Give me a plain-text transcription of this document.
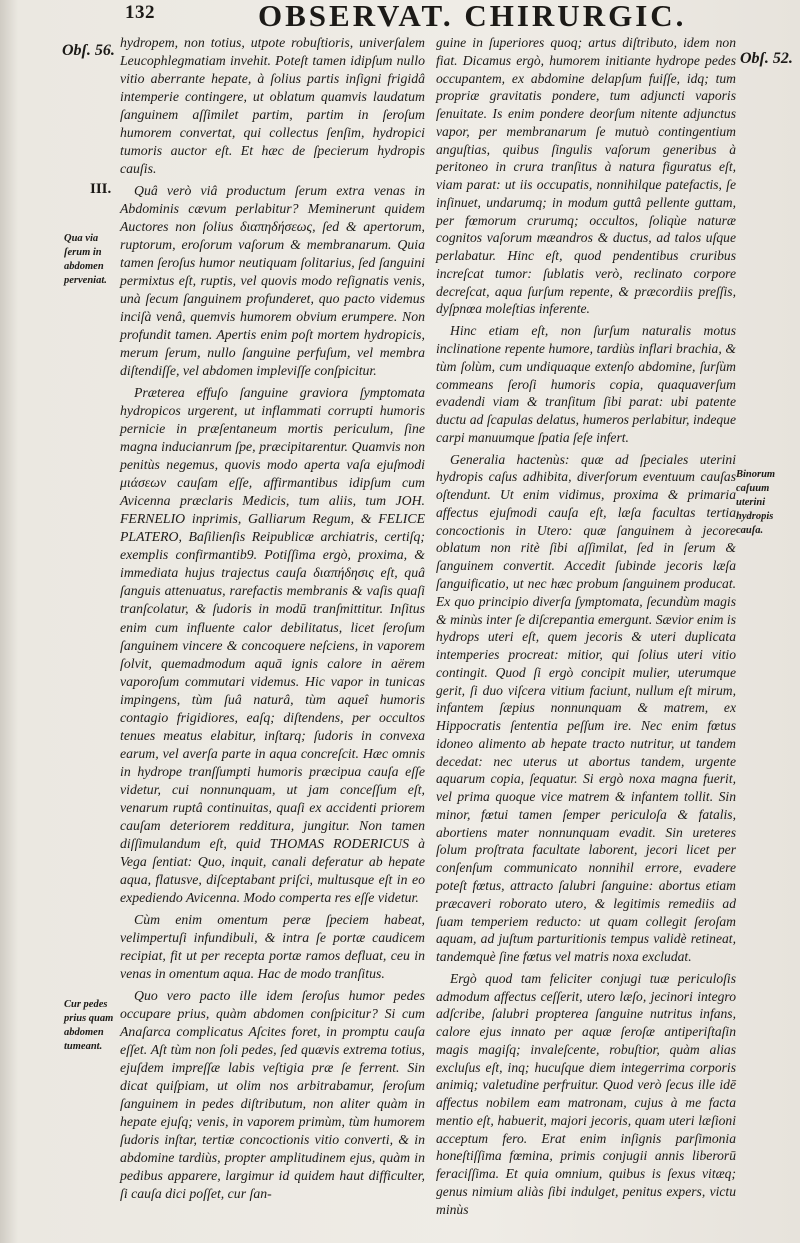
132	OBSERVAT. CHIRURGIC.
Obſ. 56.
III.
Qua via ſerum in abdomen perveniat.
Cur pedes prius quam abdomen tumeant.

hydropem, non totius, utpote robuſtioris, univerſalem Leucophlegmatiam invehit. Poteſt tamen idipſum nullo vitio aberrante hepate, à ſolius partis inſigni frigidâ intemperie contingere, ut oblatum quamvis laudatum ſanguinem aſſimilet partim, partim in ſeroſum humorem convertat, qui collectus ſenſim, hydropici tumoris auctor eſt. Et hæc de ſpecierum hydropis cauſis.

Quâ verò viâ productum ſerum extra venas in Abdominis cævum perlabitur? Meminerunt quidem Auctores non ſolius διαπηδήσεως, ſed & apertorum, ruptorum, eroſorum vaſorum & membranarum. Quia tamen ſeroſus humor neutiquam ſolitarius, ſed ſanguini permixtus eſt, ruptis, vel quovis modo reſignatis venis, unà ſecum ſanguinem profunderet, quo pacto videmus inciſà venâ, quemvis humorem obvium erumpere. Non profundit tamen. Apertis enim poſt mortem hydropicis, merum ſerum, nullo ſanguine perfuſum, vel membra diſtendiſſe, vel abdomen impleviſſe conſpicitur.

Præterea effuſo ſanguine graviora ſymptomata hydropicos urgerent, ut inflammati corrupti humoris pernicie in præſentaneum mortis periculum, ſine magna inducianrum ſpe, præcipitarentur. Quamvis non penitùs negemus, quovis modo aperta vaſa ejuſmodi μιάσεων cauſam eſſe, affirmantibus idipſum cum Avicenna præclaris Medicis, tum aliis, tum JOH. FERNELIO inprimis, Galliarum Regum, & FELICE PLATERO, Baſilienſis Reipublicæ archiatris, certiſq; exemplis confirmantib9. Potiſſima ergò, proxima, & immediata hujus trajectus cauſa διαπήδησις eſt, quâ ſanguis attenuatus, rarefactis membranis & vaſis quaſi tranſcolatur, & ſudoris in modū tranſmittitur. Inſitus enim cum influente calor debilitatus, licet ſeroſum ſanguinem vincere & concoquere neſciens, in vaporem ſolvit, quemadmodum aquā ignis calore in aërem vaporoſum commutari videmus. Hic vapor in tunicas impingens, tùm ſuâ naturâ, tùm aqueî humoris contagio frigidiores, eaſq; diſtendens, per occultos tenues meatus elabitur, inſtarq; ſudoris in convexa earum, vel averſa parte in aqua concreſcit. Hæc omnis in hydrope tranſſumpti humoris præcipua cauſa eſſe videtur, cui nonnunquam, ut jam conceſſum eſt, venarum ruptâ continuitas, quaſi ex accidenti priorem cauſam deteriorem redditura, jungitur. Non tamen diſſimulandum eſt, quid THOMAS RODERICUS à Vega ſentiat: Quo, inquit, canali deferatur ab hepate aqua, flatusve, diſceptabant priſci, multusque eſt in eo expediendo Avicenna. Modo comperta res eſſe videtur.

Cùm enim omentum peræ ſpeciem habeat, velimpertuſi infundibuli, & intra ſe portæ caudicem recipiat, fit ut per recepta portæ ramos defluat, ceu in venas in omentum aqua. Hac de modo tranſitus.

Quo vero pacto ille idem ſeroſus humor pedes occupare prius, quàm abdomen conſpicitur? Si cum Anaſarca complicatus Aſcites foret, in promptu cauſa eſſet. Aſt tùm non ſoli pedes, ſed quævis extrema totius, ejuſdem impreſſæ labis veſtigia præ ſe ferrent. Sin dicat quiſpiam, ut olim nos arbitrabamur, ſeroſum ſanguinem in pedes diſtributum, non aliter quàm in hepate ejuſq; venis, in vaporem primùm, tùm humorem ſudoris inſtar, tertiæ concoctionis vitio converti, & in abdomine tardiùs, propter amplitudinem ejus, quàm in pedibus apparere, largimur id quidem haut difficulter, ſi cauſa dici poſſet, cur ſan-

guine in ſuperiores quoq; artus diſtributo, idem non fiat. Dicamus ergò, humorem initiante hydrope pedes occupantem, ex abdomine delapſum fuiſſe, idq; tum propriæ gravitatis pondere, tum adjuncti vaporis ſenuitate. Is enim pondere deorſum nitente adjunctus vapor, per membranarum ſe mutuò contingentium anguſtias, quibus ſingulis vaſorum generibus à peritoneo in crura tranſitus à natura figuratus eſt, viam parat: ut iis occupatis, nonnihilque patefactis, ſe inſinuet, undarumq; in modum guttâ pellente guttam, per fœmorum crurumq; occultos, ſoliqùe naturæ cognitos vaſorum mæandros & ductus, ad talos uſque perlabatur. Hinc eſt, quod pendentibus cruribus increſcat tumor: ſublatis verò, reclinato corpore decreſcat, aqua ſurſum repente, & præcordiis preſſis, dyſpnœa moleſtias inferente.

Hinc etiam eſt, non ſurſum naturalis motus inclinatione repente humore, tardiùs inflari brachia, & tùm ſolùm, cum undiquaque extenſo abdomine, ſurſùm commeans ſeroſi humoris copia, quaquaverſum evadendi viam & tranſitum ſibi parat: ubi patente ductu ad ſcapulas delatus, humeros perlabitur, indeque carpi manuumque ſpatia ſeſe infert.

Generalia hactenùs: quæ ad ſpeciales uterini hydropis caſus adhibita, diverſorum eventuum cauſas oſtendunt. Ut enim vidimus, proxima & primaria affectus ejuſmodi cauſa eſt, læſa facultas tertia concoctionis in Utero: quæ ſanguinem à jecore oblatum non ritè ſibi aſſimilat, ſed in ſerum & ſanguinem convertit. Accedit ſubinde jecoris læſa ſanguificatio, ut nec hæc probum ſanguinem producat. Ex quo principio diverſa ſymptomata, ſecundùm magis & minùs inter ſe diſcrepantia emergunt. Sævior enim is hydrops uteri eſt, quem jecoris & uteri duplicata intemperies procreat: mitior, qui ſolius uteri vitio contingit. Quod ſi ergò concipit mulier, uterumque gerit, ſi duo viſcera vitium faciunt, nullum eſt mirum, infantem ſæpius nonnunquam & matrem, ex Hippocratis ſententia peſſum ire. Nec enim fœtus idoneo alimento ab hepate tracto nutritur, ut tandem decedat: nec uterus ut abortus tandem, urgente aquarum copia, ſequatur. Si ergò noxa magna fuerit, vel prima quoque vice matrem & infantem tollit. Sin minor, fœtui tamen ſemper periculoſa & fatalis, abortiens mater nonnunquam evadit. Sin ureteres ſolum proſtrata facultate laborent, jecori licet per conſenſum communicato nonnihil errore, evadere poteſt fœtus, attracto ſalubri ſanguine: abortus etiam præcaveri roborato utero, & legitimis remediis ad ſuam temperiem reducto: ut quam collegit ſeroſam aquam, ad juſtum parturitionis tempus validè retineat, tandemquè ſine fœtus vel matris noxa excludat.

Ergò quod tam feliciter conjugi tuæ periculoſis admodum affectus ceſſerit, utero læſo, jecinori integro adſcribe, ſalubri propterea ſanguine nutritus infans, calore ejus innato per aquæ ſeroſæ antiperiſtaſin magis magiſq; invaleſcente, robuſtior, quàm alias excluſus eſt, inq; hucuſque diem integerrima corporis animiq; valetudine perfruitur. Quod verò ſecus ille idē affectus nobilem eam matronam, cujus à me facta mentio eſt, habuerit, majori jecoris, quam uteri læſioni acceptum fero. Erat enim inſignis parſimonia honeſtiſſima fœmina, primis conjugii annis liberorū feraciſſima. Et quia omnium, quibus is ſexus vitæq; genus nimium aliàs ſibi indulget, penitus expers, victu minùs

Obſ. 52.
Binorum caſuum uterini hydropis cauſa.
